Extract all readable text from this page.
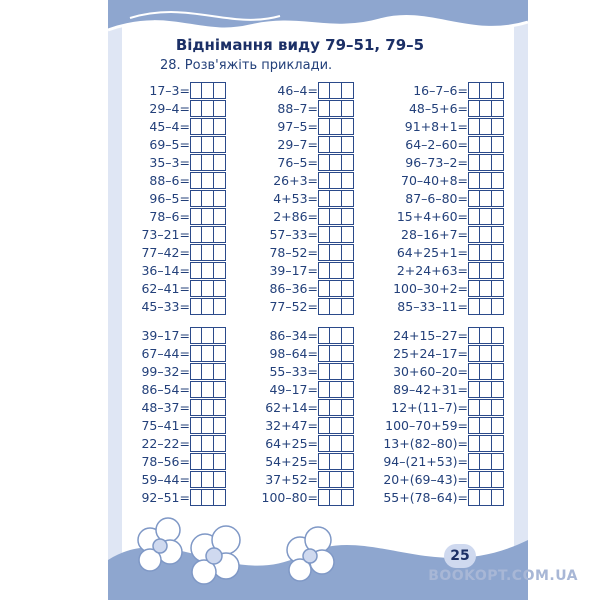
Віднімання виду 79–51, 79–5
28. Розв'яжіть приклади.
17–3=
29–4=
45–4=
69–5=
35–3=
88–6=
96–5=
78–6=
73–21=
77–42=
36–14=
62–41=
45–33=
46–4=
88–7=
97–5=
29–7=
76–5=
26+3=
4+53=
2+86=
57–33=
78–52=
39–17=
86–36=
77–52=
16–7–6=
48–5+6=
91+8+1=
64–2–60=
96–73–2=
70–40+8=
87–6–80=
15+4+60=
28–16+7=
64+25+1=
2+24+63=
100–30+2=
85–33–11=
39–17=
67–44=
99–32=
86–54=
48–37=
75–41=
22–22=
78–56=
59–44=
92–51=
86–34=
98–64=
55–33=
49–17=
62+14=
32+47=
64+25=
54+25=
37+52=
100–80=
24+15–27=
25+24–17=
30+60–20=
89–42+31=
12+(11–7)=
100–70+59=
13+(82–80)=
94–(21+53)=
20+(69–43)=
55+(78–64)=
25
BOOKOPT.COM.UA
